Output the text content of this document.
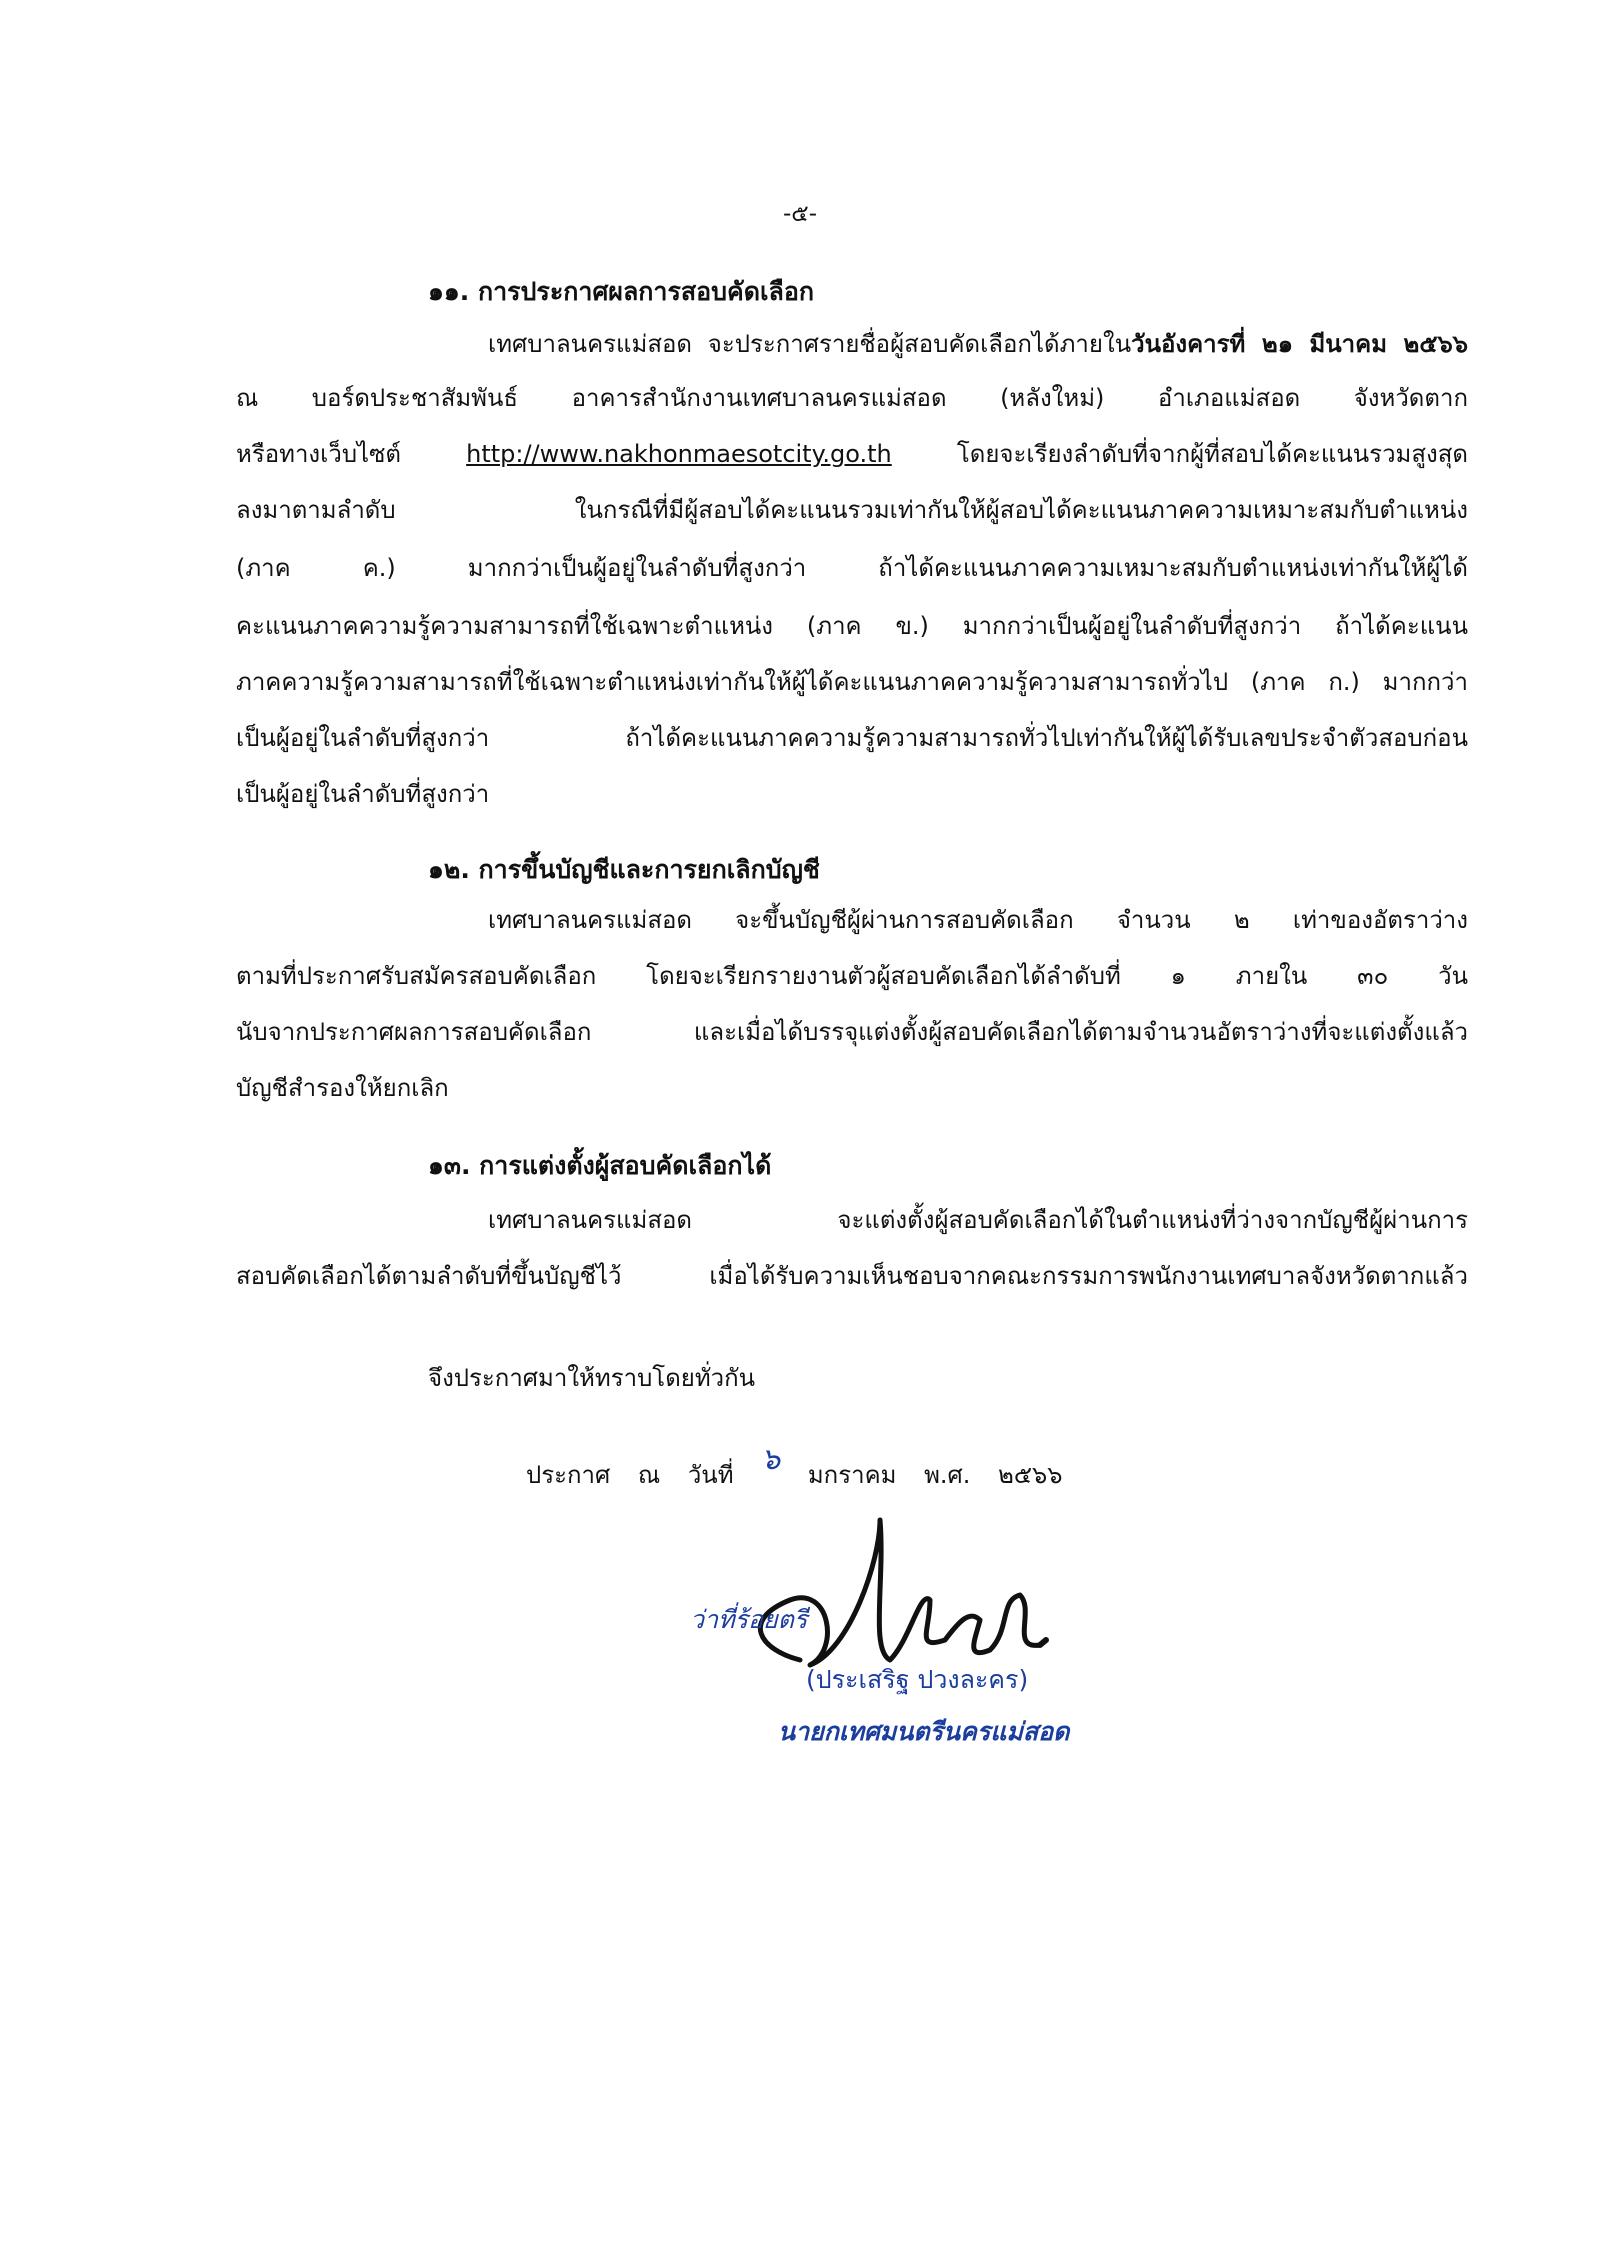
-๕-
๑๑. การประกาศผลการสอบคัดเลือก
เทศบาลนครแม่สอด จะประกาศรายชื่อผู้สอบคัดเลือกได้ภายในวันอังคารที่ ๒๑ มีนาคม ๒๕๖๖
ณ บอร์ดประชาสัมพันธ์ อาคารสำนักงานเทศบาลนครแม่สอด (หลังใหม่) อำเภอแม่สอด จังหวัดตาก
หรือทางเว็บไซต์	http://www.nakhonmaesotcity.go.th	โดยจะเรียงลำดับที่จากผู้ที่สอบได้คะแนนรวมสูงสุด
ลงมาตามลำดับ ในกรณีที่มีผู้สอบได้คะแนนรวมเท่ากันให้ผู้สอบได้คะแนนภาคความเหมาะสมกับตำแหน่ง
(ภาค ค.) มากกว่าเป็นผู้อยู่ในลำดับที่สูงกว่า ถ้าได้คะแนนภาคความเหมาะสมกับตำแหน่งเท่ากันให้ผู้ได้
คะแนนภาคความรู้ความสามารถที่ใช้เฉพาะตำแหน่ง (ภาค ข.) มากกว่าเป็นผู้อยู่ในลำดับที่สูงกว่า ถ้าได้คะแนน
ภาคความรู้ความสามารถที่ใช้เฉพาะตำแหน่งเท่ากันให้ผู้ได้คะแนนภาคความรู้ความสามารถทั่วไป (ภาค ก.) มากกว่า
เป็นผู้อยู่ในลำดับที่สูงกว่า ถ้าได้คะแนนภาคความรู้ความสามารถทั่วไปเท่ากันให้ผู้ได้รับเลขประจำตัวสอบก่อน
เป็นผู้อยู่ในลำดับที่สูงกว่า
๑๒. การขึ้นบัญชีและการยกเลิกบัญชี
เทศบาลนครแม่สอด จะขึ้นบัญชีผู้ผ่านการสอบคัดเลือก จำนวน ๒ เท่าของอัตราว่าง
ตามที่ประกาศรับสมัครสอบคัดเลือก โดยจะเรียกรายงานตัวผู้สอบคัดเลือกได้ลำดับที่ ๑ ภายใน ๓๐ วัน
นับจากประกาศผลการสอบคัดเลือก และเมื่อได้บรรจุแต่งตั้งผู้สอบคัดเลือกได้ตามจำนวนอัตราว่างที่จะแต่งตั้งแล้ว
บัญชีสำรองให้ยกเลิก
๑๓. การแต่งตั้งผู้สอบคัดเลือกได้
เทศบาลนครแม่สอด จะแต่งตั้งผู้สอบคัดเลือกได้ในตำแหน่งที่ว่างจากบัญชีผู้ผ่านการ
สอบคัดเลือกได้ตามลำดับที่ขึ้นบัญชีไว้ เมื่อได้รับความเห็นชอบจากคณะกรรมการพนักงานเทศบาลจังหวัดตากแล้ว
จึงประกาศมาให้ทราบโดยทั่วกัน
ประกาศ ณ วันที่ ๖ มกราคม พ.ศ. ๒๕๖๖
ว่าที่ร้อยตรี
(ประเสริฐ ปวงละคร)
นายกเทศมนตรีนครแม่สอด
